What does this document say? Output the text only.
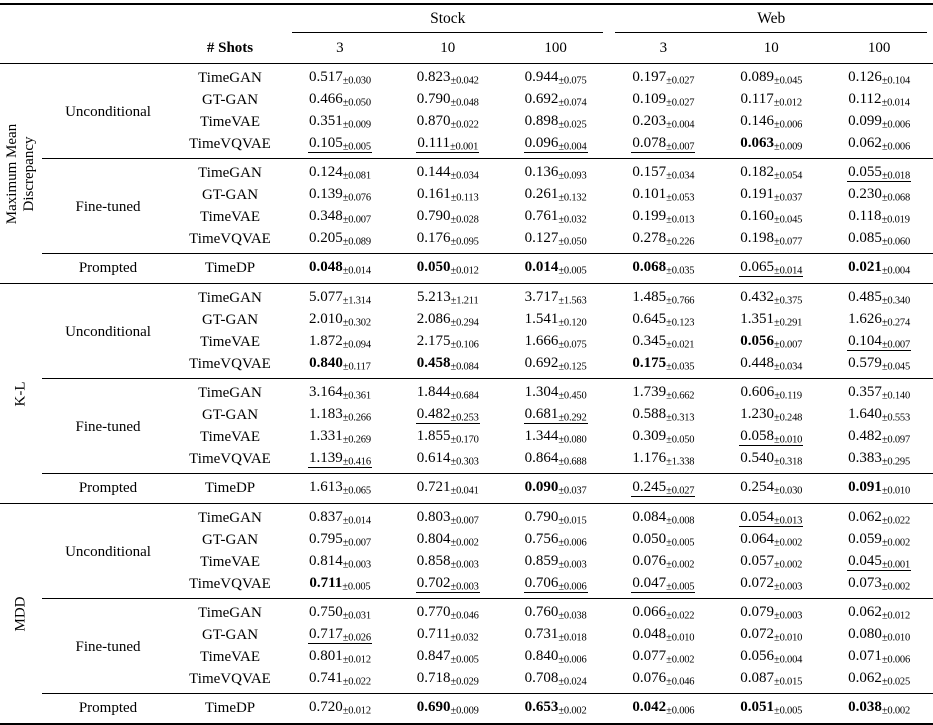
			Stock			Web		
		# Shots	3	10	100	3	10	100

Maximum Mean Discrepancy	Unconditional	TimeGAN	$0.517_{\pm 0.030}$	$0.823_{\pm 0.042}$	$0.944_{\pm 0.075}$	$0.197_{\pm 0.027}$	$0.089_{\pm 0.045}$	$0.126_{\pm 0.104}$
		GT-GAN	$0.466_{\pm 0.050}$	$0.790_{\pm 0.048}$	$0.692_{\pm 0.074}$	$0.109_{\pm 0.027}$	$0.117_{\pm 0.012}$	$0.112_{\pm 0.014}$
		TimeVAE	$0.351_{\pm 0.009}$	$0.870_{\pm 0.022}$	$0.898_{\pm 0.025}$	$0.203_{\pm 0.004}$	$0.146_{\pm 0.006}$	$0.099_{\pm 0.006}$
		TimeVQVAE	$0.105_{\pm 0.005}$	$0.111_{\pm 0.001}$	$0.096_{\pm 0.004}$	$0.078_{\pm 0.007}$	$0.063_{\pm 0.009}$	$0.062_{\pm 0.006}$
	Fine-tuned	TimeGAN	$0.124_{\pm 0.081}$	$0.144_{\pm 0.034}$	$0.136_{\pm 0.093}$	$0.157_{\pm 0.034}$	$0.182_{\pm 0.054}$	$0.055_{\pm 0.018}$
		GT-GAN	$0.139_{\pm 0.076}$	$0.161_{\pm 0.113}$	$0.261_{\pm 0.132}$	$0.101_{\pm 0.053}$	$0.191_{\pm 0.037}$	$0.230_{\pm 0.068}$
		TimeVAE	$0.348_{\pm 0.007}$	$0.790_{\pm 0.028}$	$0.761_{\pm 0.032}$	$0.199_{\pm 0.013}$	$0.160_{\pm 0.045}$	$0.118_{\pm 0.019}$
		TimeVQVAE	$0.205_{\pm 0.089}$	$0.176_{\pm 0.095}$	$0.127_{\pm 0.050}$	$0.278_{\pm 0.226}$	$0.198_{\pm 0.077}$	$0.085_{\pm 0.060}$
	Prompted	TimeDP	$0.048_{\pm 0.014}$	$0.050_{\pm 0.012}$	$0.014_{\pm 0.005}$	$0.068_{\pm 0.035}$	$0.065_{\pm 0.014}$	$0.021_{\pm 0.004}$

K-L	Unconditional	TimeGAN	$5.077_{\pm 1.314}$	$5.213_{\pm 1.211}$	$3.717_{\pm 1.563}$	$1.485_{\pm 0.766}$	$0.432_{\pm 0.375}$	$0.485_{\pm 0.340}$
		GT-GAN	$2.010_{\pm 0.302}$	$2.086_{\pm 0.294}$	$1.541_{\pm 0.120}$	$0.645_{\pm 0.123}$	$1.351_{\pm 0.291}$	$1.626_{\pm 0.274}$
		TimeVAE	$1.872_{\pm 0.094}$	$2.175_{\pm 0.106}$	$1.666_{\pm 0.075}$	$0.345_{\pm 0.021}$	$0.056_{\pm 0.007}$	$0.104_{\pm 0.007}$
		TimeVQVAE	$0.840_{\pm 0.117}$	$0.458_{\pm 0.084}$	$0.692_{\pm 0.125}$	$0.175_{\pm 0.035}$	$0.448_{\pm 0.034}$	$0.579_{\pm 0.045}$
	Fine-tuned	TimeGAN	$3.164_{\pm 0.361}$	$1.844_{\pm 0.684}$	$1.304_{\pm 0.450}$	$1.739_{\pm 0.662}$	$0.606_{\pm 0.119}$	$0.357_{\pm 0.140}$
		GT-GAN	$1.183_{\pm 0.266}$	$0.482_{\pm 0.253}$	$0.681_{\pm 0.292}$	$0.588_{\pm 0.313}$	$1.230_{\pm 0.248}$	$1.640_{\pm 0.553}$
		TimeVAE	$1.331_{\pm 0.269}$	$1.855_{\pm 0.170}$	$1.344_{\pm 0.080}$	$0.309_{\pm 0.050}$	$0.058_{\pm 0.010}$	$0.482_{\pm 0.097}$
		TimeVQVAE	$1.139_{\pm 0.416}$	$0.614_{\pm 0.303}$	$0.864_{\pm 0.688}$	$1.176_{\pm 1.338}$	$0.540_{\pm 0.318}$	$0.383_{\pm 0.295}$
	Prompted	TimeDP	$1.613_{\pm 0.065}$	$0.721_{\pm 0.041}$	$0.090_{\pm 0.037}$	$0.245_{\pm 0.027}$	$0.254_{\pm 0.030}$	$0.091_{\pm 0.010}$

MDD	Unconditional	TimeGAN	$0.837_{\pm 0.014}$	$0.803_{\pm 0.007}$	$0.790_{\pm 0.015}$	$0.084_{\pm 0.008}$	$0.054_{\pm 0.013}$	$0.062_{\pm 0.022}$
		GT-GAN	$0.795_{\pm 0.007}$	$0.804_{\pm 0.002}$	$0.756_{\pm 0.006}$	$0.050_{\pm 0.005}$	$0.064_{\pm 0.002}$	$0.059_{\pm 0.002}$
		TimeVAE	$0.814_{\pm 0.003}$	$0.858_{\pm 0.003}$	$0.859_{\pm 0.003}$	$0.076_{\pm 0.002}$	$0.057_{\pm 0.002}$	$0.045_{\pm 0.001}$
		TimeVQVAE	$0.711_{\pm 0.005}$	$0.702_{\pm 0.003}$	$0.706_{\pm 0.006}$	$0.047_{\pm 0.005}$	$0.072_{\pm 0.003}$	$0.073_{\pm 0.002}$
	Fine-tuned	TimeGAN	$0.750_{\pm 0.031}$	$0.770_{\pm 0.046}$	$0.760_{\pm 0.038}$	$0.066_{\pm 0.022}$	$0.079_{\pm 0.003}$	$0.062_{\pm 0.012}$
		GT-GAN	$0.717_{\pm 0.026}$	$0.711_{\pm 0.032}$	$0.731_{\pm 0.018}$	$0.048_{\pm 0.010}$	$0.072_{\pm 0.010}$	$0.080_{\pm 0.010}$
		TimeVAE	$0.801_{\pm 0.012}$	$0.847_{\pm 0.005}$	$0.840_{\pm 0.006}$	$0.077_{\pm 0.002}$	$0.056_{\pm 0.004}$	$0.071_{\pm 0.006}$
		TimeVQVAE	$0.741_{\pm 0.022}$	$0.718_{\pm 0.029}$	$0.708_{\pm 0.024}$	$0.076_{\pm 0.046}$	$0.087_{\pm 0.015}$	$0.062_{\pm 0.025}$
	Prompted	TimeDP	$0.720_{\pm 0.012}$	$0.690_{\pm 0.009}$	$0.653_{\pm 0.002}$	$0.042_{\pm 0.006}$	$0.051_{\pm 0.005}$	$0.038_{\pm 0.002}$
